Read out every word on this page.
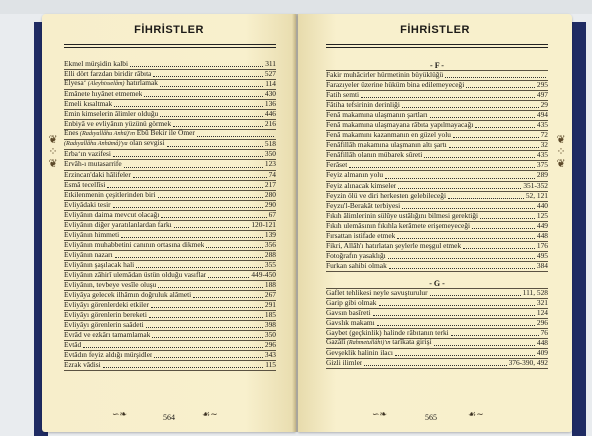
FİHRİSTLER
❦
⁘
❦
Ekmel mürşidin kalbi	311
Elli dört farzdan biridir râbıta	527
Elyesa‘ (Aleyhisselâm) hatırlamak	114
Emânete hıyânet etmemek	430
Emeli kısaltmak	136
Emin kimselerin âlimler olduğu	446
Enbiyâ ve evliyânın yüzünü görmek	216
Enes (Radıyallâhu Anhü)'ın Ebû Bekir ile Ömer
(Radıyallâhu Anhümâ)'ya olan sevgisi	518
Erba‘ın vazifesi	350
Ervâh-ı mutasarrife	123
Erzincan'daki hâlifeler	74
Esmâ tecellîsi	217
Etkilenmenin çeşitlerinden biri	280
Evliyâdaki tesir	290
Evliyânın daima mevcut olacağı	67
Evliyânın diğer yaratılanlardan farkı	120-121
Evliyânın himmeti	139
Evliyânın muhabbetini canının ortasına dikmek	356
Evliyânın nazarı	288
Evliyânın şaşılacak hali	355
Evliyânın zâhirî ulemâdan üstün olduğu vasıflar	449-450
Evliyânın, tevbeye vesîle oluşu	188
Evliyâya gelecek ilhâmın doğruluk alâmeti	267
Evliyâyı görenlerdeki etkiler	291
Evliyâyı görenlerin bereketi	185
Evliyâyı görenlerin saâdeti	398
Evrâd ve ezkârı tamamlamak	350
Evtâd	296
Evtâdın feyiz aldığı mürşidler	343
Ezrak vâdisi	115
∽❧	564	☙∼
FİHRİSTLER
❦
⁘
❦
- F -
Fakir muhâcirler hürmetinin büyüklüğü
Farazıyeler üzerine hüküm bina edilemeyeceği	295
Fatih semti	497
Fâtiha tefsirinin derinliği	29
Fenâ makamına ulaşmanın şartları	494
Fenâ makamına ulaşmayana râbıta yapılmayacağı	435
Fenâ makamını kazanmanın en güzel yolu	72
Fenâfillâh makamına ulaşmanın altı şartı	32
Fenâfillâh olanın mübarek sûreti	435
Ferâset	375
Feyiz almanın yolu	289
Feyiz alınacak kimseler	351-352
Feyzin ölü ve diri herkesten gelebileceği	52, 121
Feyzu'l-Berakât terbiyesi	440
Fıkıh âlimlerinin sülûye ustâlığını bilmesi gerektiği	125
Fıkıh ulemâsının fıkıhla kerâmete erişemeyeceği	449
Fırsattan istifade etmek	448
Fikri, Allâh'ı hatırlatan şeylerle meşgul etmek	176
Fotoğrafın yasaklığı	495
Furkan sahibi olmak	384
- G -
Gaflet tehlikesi neyle savuşturulur	111, 528
Garip gibi olmak	321
Gavsın basîreti	124
Gavslık makamı	296
Gaybet (geçkinlik) halinde râbıtanın terki	76
Gazâlî (Rahmetullâhi)'ın tarîkata girişi	448
Gevşeklik halinin ilacı	409
Gizli ilimler	376-390, 492
∽❧	565	☙∼
